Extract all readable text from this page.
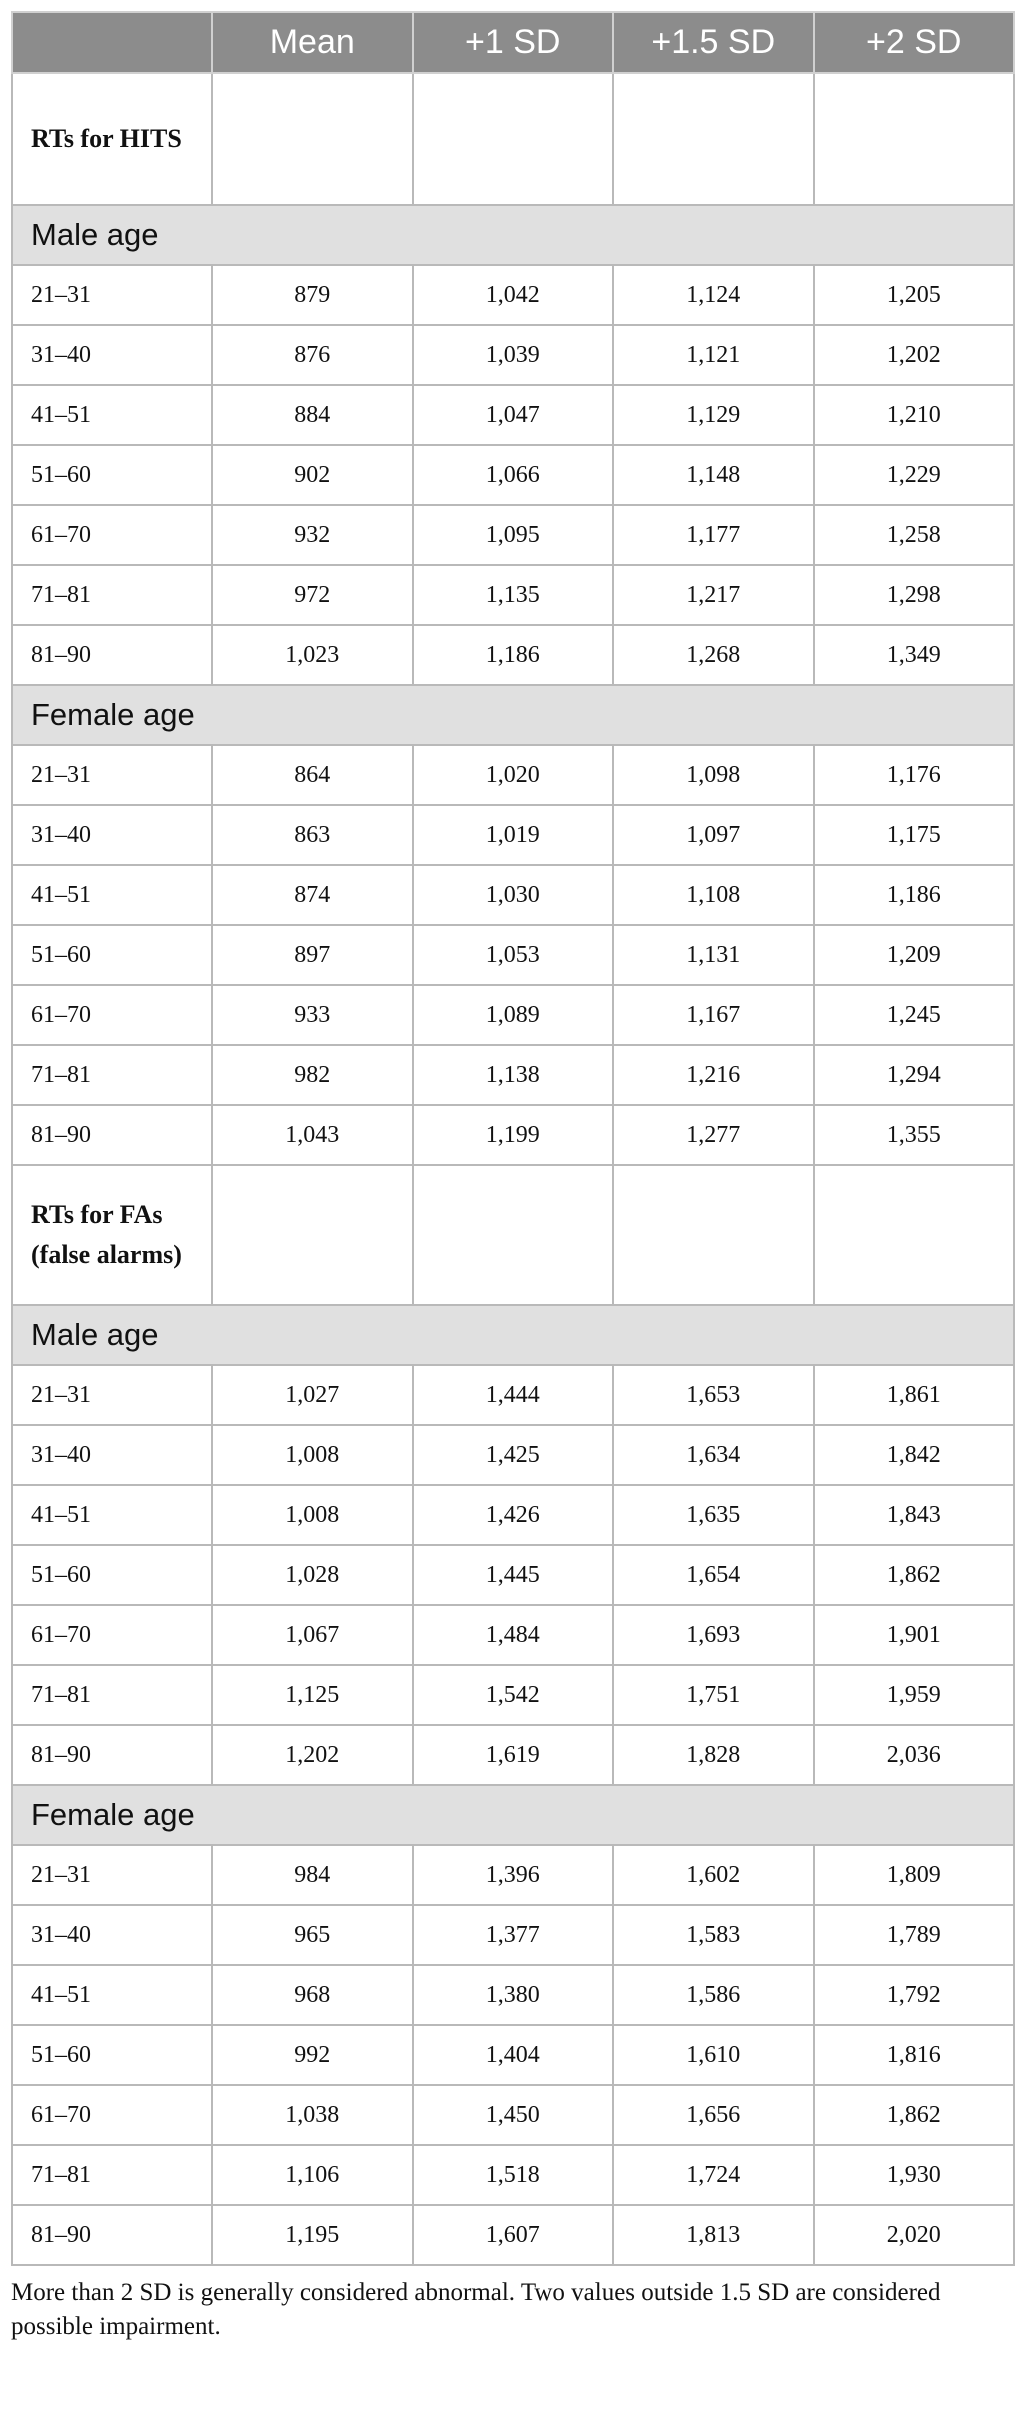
	Mean	+1 SD	+1.5 SD	+2 SD
RTs for HITS				
Male age				
21–31	879	1,042	1,124	1,205
31–40	876	1,039	1,121	1,202
41–51	884	1,047	1,129	1,210
51–60	902	1,066	1,148	1,229
61–70	932	1,095	1,177	1,258
71–81	972	1,135	1,217	1,298
81–90	1,023	1,186	1,268	1,349
Female age				
21–31	864	1,020	1,098	1,176
31–40	863	1,019	1,097	1,175
41–51	874	1,030	1,108	1,186
51–60	897	1,053	1,131	1,209
61–70	933	1,089	1,167	1,245
71–81	982	1,138	1,216	1,294
81–90	1,043	1,199	1,277	1,355
RTs for FAs (false alarms)				
Male age				
21–31	1,027	1,444	1,653	1,861
31–40	1,008	1,425	1,634	1,842
41–51	1,008	1,426	1,635	1,843
51–60	1,028	1,445	1,654	1,862
61–70	1,067	1,484	1,693	1,901
71–81	1,125	1,542	1,751	1,959
81–90	1,202	1,619	1,828	2,036
Female age				
21–31	984	1,396	1,602	1,809
31–40	965	1,377	1,583	1,789
41–51	968	1,380	1,586	1,792
51–60	992	1,404	1,610	1,816
61–70	1,038	1,450	1,656	1,862
71–81	1,106	1,518	1,724	1,930
81–90	1,195	1,607	1,813	2,020
More than 2 SD is generally considered abnormal. Two values outside 1.5 SD are considered possible impairment.
